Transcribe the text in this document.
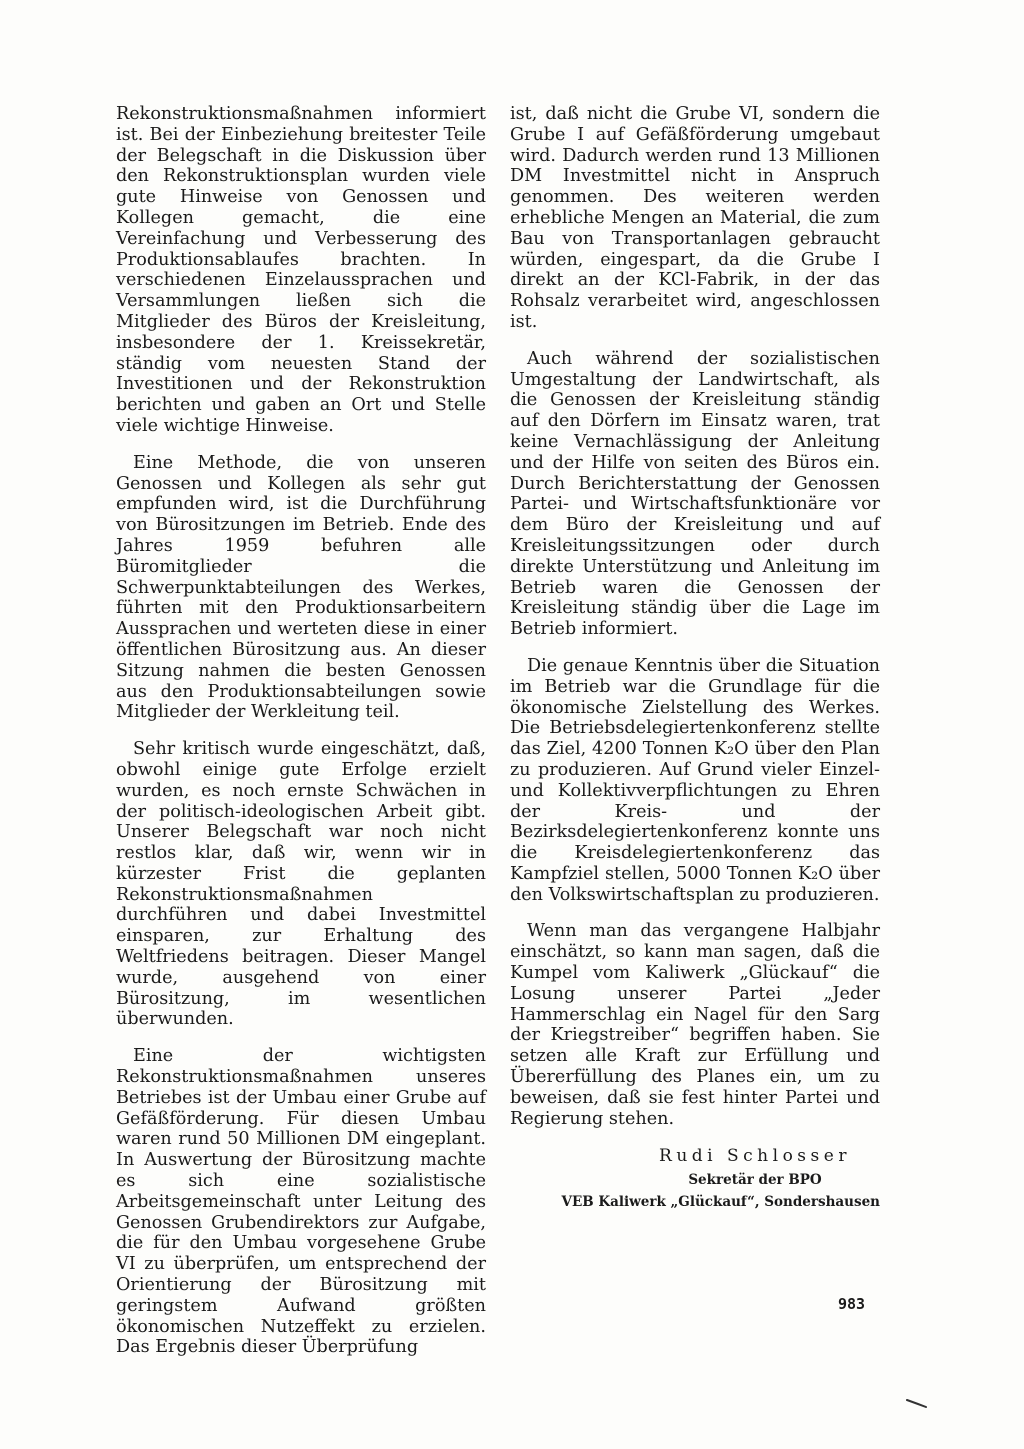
Rekonstruktionsmaßnahmen informiert ist. Bei der Einbeziehung breitester Teile der Belegschaft in die Diskussion über den Rekonstruktionsplan wurden viele gute Hinweise von Genossen und Kollegen gemacht, die eine Vereinfachung und Verbesserung des Produktionsablaufes brachten. In verschiedenen Einzelaussprachen und Versammlungen ließen sich die Mitglieder des Büros der Kreisleitung, insbesondere der 1. Kreissekretär, ständig vom neuesten Stand der Investitionen und der Rekonstruktion berichten und gaben an Ort und Stelle viele wichtige Hinweise.

Eine Methode, die von unseren Genossen und Kollegen als sehr gut empfunden wird, ist die Durchführung von Bürositzungen im Betrieb. Ende des Jahres 1959 befuhren alle Büromitglieder die Schwerpunktabteilungen des Werkes, führten mit den Produktionsarbeitern Aussprachen und werteten diese in einer öffentlichen Bürositzung aus. An dieser Sitzung nahmen die besten Genossen aus den Produktionsabteilungen sowie Mitglieder der Werkleitung teil.

Sehr kritisch wurde eingeschätzt, daß, obwohl einige gute Erfolge erzielt wurden, es noch ernste Schwächen in der politisch-ideologischen Arbeit gibt. Unserer Belegschaft war noch nicht restlos klar, daß wir, wenn wir in kürzester Frist die geplanten Rekonstruktionsmaßnahmen durchführen und dabei Investmittel einsparen, zur Erhaltung des Weltfriedens beitragen. Dieser Mangel wurde, ausgehend von einer Bürositzung, im wesentlichen überwunden.

Eine der wichtigsten Rekonstruktionsmaßnahmen unseres Betriebes ist der Umbau einer Grube auf Gefäßförderung. Für diesen Umbau waren rund 50 Millionen DM eingeplant. In Auswertung der Bürositzung machte es sich eine sozialistische Arbeitsgemeinschaft unter Leitung des Genossen Grubendirektors zur Aufgabe, die für den Umbau vorgesehene Grube VI zu überprüfen, um entsprechend der Orientierung der Bürositzung mit geringstem Aufwand größten ökonomischen Nutzeffekt zu erzielen. Das Ergebnis dieser Überprüfung

ist, daß nicht die Grube VI, sondern die Grube I auf Gefäßförderung umgebaut wird. Dadurch werden rund 13 Millionen DM Investmittel nicht in Anspruch genommen. Des weiteren werden erhebliche Mengen an Material, die zum Bau von Transportanlagen gebraucht würden, eingespart, da die Grube I direkt an der KCl-Fabrik, in der das Rohsalz verarbeitet wird, angeschlossen ist.

Auch während der sozialistischen Umgestaltung der Landwirtschaft, als die Genossen der Kreisleitung ständig auf den Dörfern im Einsatz waren, trat keine Vernachlässigung der Anleitung und der Hilfe von seiten des Büros ein. Durch Berichterstattung der Genossen Partei- und Wirtschaftsfunktionäre vor dem Büro der Kreisleitung und auf Kreisleitungssitzungen oder durch direkte Unterstützung und Anleitung im Betrieb waren die Genossen der Kreisleitung ständig über die Lage im Betrieb informiert.

Die genaue Kenntnis über die Situation im Betrieb war die Grundlage für die ökonomische Zielstellung des Werkes. Die Betriebsdelegiertenkonferenz stellte das Ziel, 4200 Tonnen K₂O über den Plan zu produzieren. Auf Grund vieler Einzel- und Kollektivverpflichtungen zu Ehren der Kreis- und der Bezirksdelegiertenkonferenz konnte uns die Kreisdelegiertenkonferenz das Kampfziel stellen, 5000 Tonnen K₂O über den Volkswirtschaftsplan zu produzieren.

Wenn man das vergangene Halbjahr einschätzt, so kann man sagen, daß die Kumpel vom Kaliwerk „Glückauf“ die Losung unserer Partei „Jeder Hammerschlag ein Nagel für den Sarg der Kriegstreiber“ begriffen haben. Sie setzen alle Kraft zur Erfüllung und Übererfüllung des Planes ein, um zu beweisen, daß sie fest hinter Partei und Regierung stehen.

Rudi Schlosser
Sekretär der BPO
VEB Kaliwerk „Glückauf“, Sondershausen
983
